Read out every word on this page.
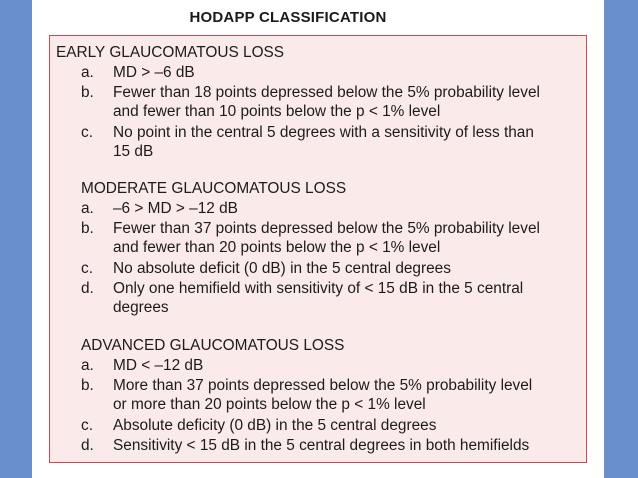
HODAPP CLASSIFICATION
EARLY GLAUCOMATOUS LOSS
a. MD > –6 dB
b. Fewer than 18 points depressed below the 5% probability level
and fewer than 10 points below the p < 1% level
c. No point in the central 5 degrees with a sensitivity of less than
15 dB
MODERATE GLAUCOMATOUS LOSS
a. –6 > MD > –12 dB
b. Fewer than 37 points depressed below the 5% probability level
and fewer than 20 points below the p < 1% level
c. No absolute deficit (0 dB) in the 5 central degrees
d. Only one hemifield with sensitivity of < 15 dB in the 5 central
degrees
ADVANCED GLAUCOMATOUS LOSS
a. MD < –12 dB
b. More than 37 points depressed below the 5% probability level
or more than 20 points below the p < 1% level
c. Absolute deficity (0 dB) in the 5 central degrees
d. Sensitivity < 15 dB in the 5 central degrees in both hemifields
